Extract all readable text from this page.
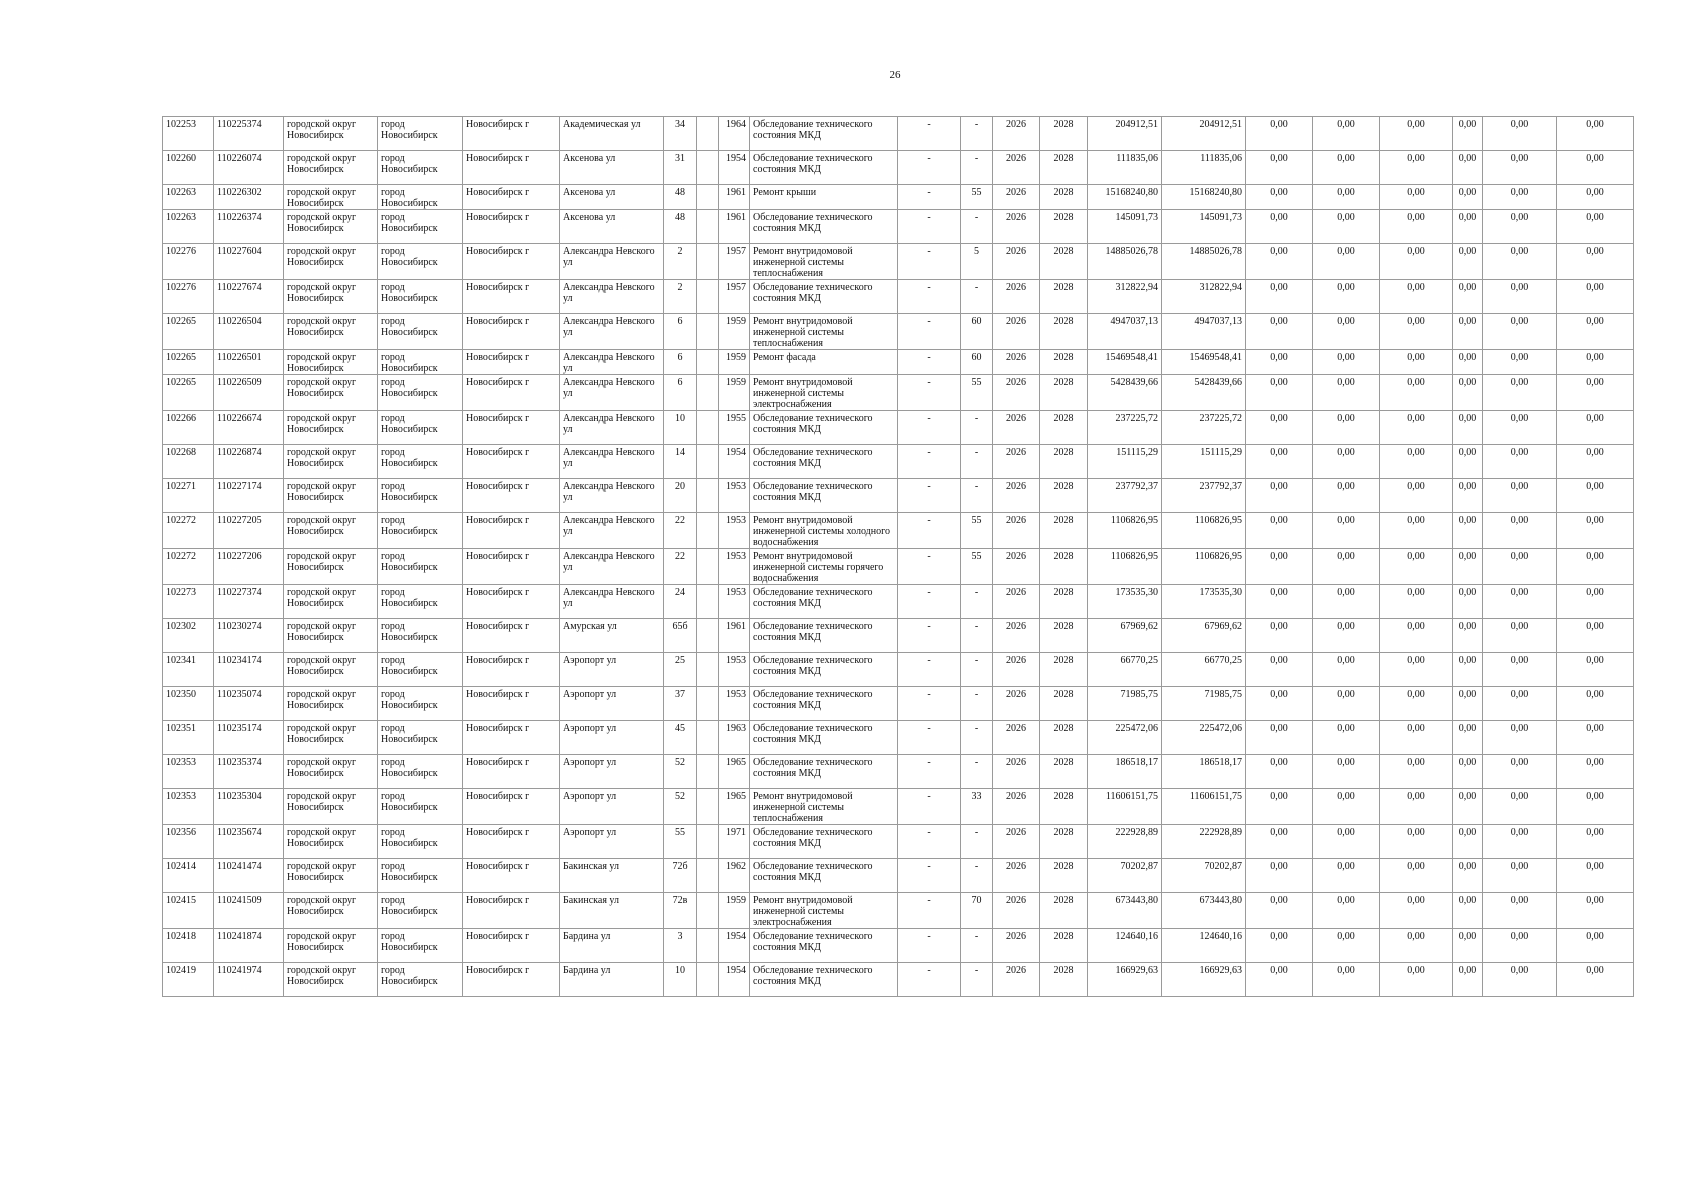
26
102253	110225374	городской округ Новосибирск	город Новосибирск	Новосибирск г	Академическая ул	34		1964	Обследование технического состояния МКД	-	-	2026	2028	204912,51	204912,51	0,00	0,00	0,00	0,00	0,00	0,00
102260	110226074	городской округ Новосибирск	город Новосибирск	Новосибирск г	Аксенова ул	31		1954	Обследование технического состояния МКД	-	-	2026	2028	111835,06	111835,06	0,00	0,00	0,00	0,00	0,00	0,00
102263	110226302	городской округ Новосибирск	город Новосибирск	Новосибирск г	Аксенова ул	48		1961	Ремонт крыши	-	55	2026	2028	15168240,80	15168240,80	0,00	0,00	0,00	0,00	0,00	0,00
102263	110226374	городской округ Новосибирск	город Новосибирск	Новосибирск г	Аксенова ул	48		1961	Обследование технического состояния МКД	-	-	2026	2028	145091,73	145091,73	0,00	0,00	0,00	0,00	0,00	0,00
102276	110227604	городской округ Новосибирск	город Новосибирск	Новосибирск г	Александра Невского ул	2		1957	Ремонт внутридомовой инженерной системы теплоснабжения	-	5	2026	2028	14885026,78	14885026,78	0,00	0,00	0,00	0,00	0,00	0,00
102276	110227674	городской округ Новосибирск	город Новосибирск	Новосибирск г	Александра Невского ул	2		1957	Обследование технического состояния МКД	-	-	2026	2028	312822,94	312822,94	0,00	0,00	0,00	0,00	0,00	0,00
102265	110226504	городской округ Новосибирск	город Новосибирск	Новосибирск г	Александра Невского ул	6		1959	Ремонт внутридомовой инженерной системы теплоснабжения	-	60	2026	2028	4947037,13	4947037,13	0,00	0,00	0,00	0,00	0,00	0,00
102265	110226501	городской округ Новосибирск	город Новосибирск	Новосибирск г	Александра Невского ул	6		1959	Ремонт фасада	-	60	2026	2028	15469548,41	15469548,41	0,00	0,00	0,00	0,00	0,00	0,00
102265	110226509	городской округ Новосибирск	город Новосибирск	Новосибирск г	Александра Невского ул	6		1959	Ремонт внутридомовой инженерной системы электроснабжения	-	55	2026	2028	5428439,66	5428439,66	0,00	0,00	0,00	0,00	0,00	0,00
102266	110226674	городской округ Новосибирск	город Новосибирск	Новосибирск г	Александра Невского ул	10		1955	Обследование технического состояния МКД	-	-	2026	2028	237225,72	237225,72	0,00	0,00	0,00	0,00	0,00	0,00
102268	110226874	городской округ Новосибирск	город Новосибирск	Новосибирск г	Александра Невского ул	14		1954	Обследование технического состояния МКД	-	-	2026	2028	151115,29	151115,29	0,00	0,00	0,00	0,00	0,00	0,00
102271	110227174	городской округ Новосибирск	город Новосибирск	Новосибирск г	Александра Невского ул	20		1953	Обследование технического состояния МКД	-	-	2026	2028	237792,37	237792,37	0,00	0,00	0,00	0,00	0,00	0,00
102272	110227205	городской округ Новосибирск	город Новосибирск	Новосибирск г	Александра Невского ул	22		1953	Ремонт внутридомовой инженерной системы холодного водоснабжения	-	55	2026	2028	1106826,95	1106826,95	0,00	0,00	0,00	0,00	0,00	0,00
102272	110227206	городской округ Новосибирск	город Новосибирск	Новосибирск г	Александра Невского ул	22		1953	Ремонт внутридомовой инженерной системы горячего водоснабжения	-	55	2026	2028	1106826,95	1106826,95	0,00	0,00	0,00	0,00	0,00	0,00
102273	110227374	городской округ Новосибирск	город Новосибирск	Новосибирск г	Александра Невского ул	24		1953	Обследование технического состояния МКД	-	-	2026	2028	173535,30	173535,30	0,00	0,00	0,00	0,00	0,00	0,00
102302	110230274	городской округ Новосибирск	город Новосибирск	Новосибирск г	Амурская ул	65б		1961	Обследование технического состояния МКД	-	-	2026	2028	67969,62	67969,62	0,00	0,00	0,00	0,00	0,00	0,00
102341	110234174	городской округ Новосибирск	город Новосибирск	Новосибирск г	Аэропорт ул	25		1953	Обследование технического состояния МКД	-	-	2026	2028	66770,25	66770,25	0,00	0,00	0,00	0,00	0,00	0,00
102350	110235074	городской округ Новосибирск	город Новосибирск	Новосибирск г	Аэропорт ул	37		1953	Обследование технического состояния МКД	-	-	2026	2028	71985,75	71985,75	0,00	0,00	0,00	0,00	0,00	0,00
102351	110235174	городской округ Новосибирск	город Новосибирск	Новосибирск г	Аэропорт ул	45		1963	Обследование технического состояния МКД	-	-	2026	2028	225472,06	225472,06	0,00	0,00	0,00	0,00	0,00	0,00
102353	110235374	городской округ Новосибирск	город Новосибирск	Новосибирск г	Аэропорт ул	52		1965	Обследование технического состояния МКД	-	-	2026	2028	186518,17	186518,17	0,00	0,00	0,00	0,00	0,00	0,00
102353	110235304	городской округ Новосибирск	город Новосибирск	Новосибирск г	Аэропорт ул	52		1965	Ремонт внутридомовой инженерной системы теплоснабжения	-	33	2026	2028	11606151,75	11606151,75	0,00	0,00	0,00	0,00	0,00	0,00
102356	110235674	городской округ Новосибирск	город Новосибирск	Новосибирск г	Аэропорт ул	55		1971	Обследование технического состояния МКД	-	-	2026	2028	222928,89	222928,89	0,00	0,00	0,00	0,00	0,00	0,00
102414	110241474	городской округ Новосибирск	город Новосибирск	Новосибирск г	Бакинская ул	72б		1962	Обследование технического состояния МКД	-	-	2026	2028	70202,87	70202,87	0,00	0,00	0,00	0,00	0,00	0,00
102415	110241509	городской округ Новосибирск	город Новосибирск	Новосибирск г	Бакинская ул	72в		1959	Ремонт внутридомовой инженерной системы электроснабжения	-	70	2026	2028	673443,80	673443,80	0,00	0,00	0,00	0,00	0,00	0,00
102418	110241874	городской округ Новосибирск	город Новосибирск	Новосибирск г	Бардина ул	3		1954	Обследование технического состояния МКД	-	-	2026	2028	124640,16	124640,16	0,00	0,00	0,00	0,00	0,00	0,00
102419	110241974	городской округ Новосибирск	город Новосибирск	Новосибирск г	Бардина ул	10		1954	Обследование технического состояния МКД	-	-	2026	2028	166929,63	166929,63	0,00	0,00	0,00	0,00	0,00	0,00
